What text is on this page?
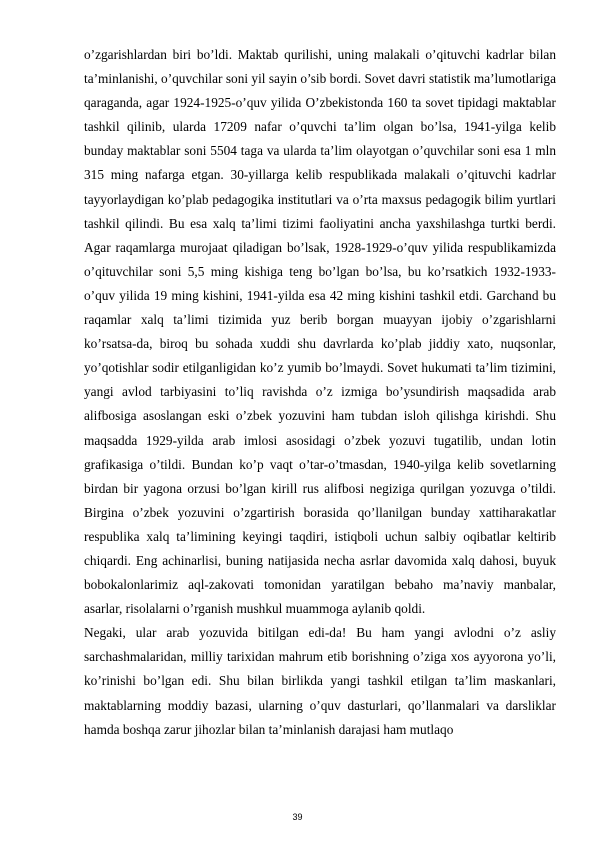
o’zgarishlardan biri bo’ldi. Maktab qurilishi, uning malakali o’qituvchi kadrlar bilan ta’minlanishi, o’quvchilar soni yil sayin o’sib bordi. Sovet davri statistik ma’lumotlariga qaraganda, agar 1924-1925-o’quv yilida O’zbekistonda 160 ta sovet tipidagi maktablar tashkil qilinib, ularda 17209 nafar o’quvchi ta’lim olgan bo’lsa, 1941-yilga kelib bunday maktablar soni 5504 taga va ularda ta’lim olayotgan o’quvchilar soni esa 1 mln 315 ming nafarga etgan. 30-yillarga kelib respublikada malakali o’qituvchi kadrlar tayyorlaydigan ko’plab pedagogika institutlari va o’rta maxsus pedagogik bilim yurtlari tashkil qilindi. Bu esa xalq ta’limi tizimi faoliyatini ancha yaxshilashga turtki berdi. Agar raqamlarga murojaat qiladigan bo’lsak, 1928-1929-o’quv yilida respublikamizda o’qituvchilar soni 5,5 ming kishiga teng bo’lgan bo’lsa, bu ko’rsatkich 1932-1933-o’quv yilida 19 ming kishini, 1941-yilda esa 42 ming kishini tashkil etdi. Garchand bu raqamlar xalq ta’limi tizimida yuz berib borgan muayyan ijobiy o’zgarishlarni ko’rsatsa-da, biroq bu sohada xuddi shu davrlarda ko’plab jiddiy xato, nuqsonlar, yo’qotishlar sodir etilganligidan ko’z yumib bo’lmaydi. Sovet hukumati ta’lim tizimini, yangi avlod tarbiyasini to’liq ravishda o’z izmiga bo’ysundirish maqsadida arab alifbosiga asoslangan eski o’zbek yozuvini ham tubdan isloh qilishga kirishdi. Shu maqsadda 1929-yilda arab imlosi asosidagi o’zbek yozuvi tugatilib, undan lotin grafikasiga o’tildi. Bundan ko’p vaqt o’tar-o’tmasdan, 1940-yilga kelib sovetlarning birdan bir yagona orzusi bo’lgan kirill rus alifbosi negiziga qurilgan yozuvga o’tildi. Birgina o’zbek yozuvini o’zgartirish borasida qo’llanilgan bunday xattiharakatlar respublika xalq ta’limining keyingi taqdiri, istiqboli uchun salbiy oqibatlar keltirib chiqardi. Eng achinarlisi, buning natijasida necha asrlar davomida xalq dahosi, buyuk bobokalonlarimiz aql-zakovati tomonidan yaratilgan bebaho ma’naviy manbalar, asarlar, risolalarni o’rganish mushkul muammoga aylanib qoldi.

Negaki, ular arab yozuvida bitilgan edi-da! Bu ham yangi avlodni o’z asliy sarchashmalaridan, milliy tarixidan mahrum etib borishning o’ziga xos ayyorona yo’li, ko’rinishi bo’lgan edi. Shu bilan birlikda yangi tashkil etilgan ta’lim maskanlari, maktablarning moddiy bazasi, ularning o’quv dasturlari, qo’llanmalari va darsliklar hamda boshqa zarur jihozlar bilan ta’minlanish darajasi ham mutlaqo

39
